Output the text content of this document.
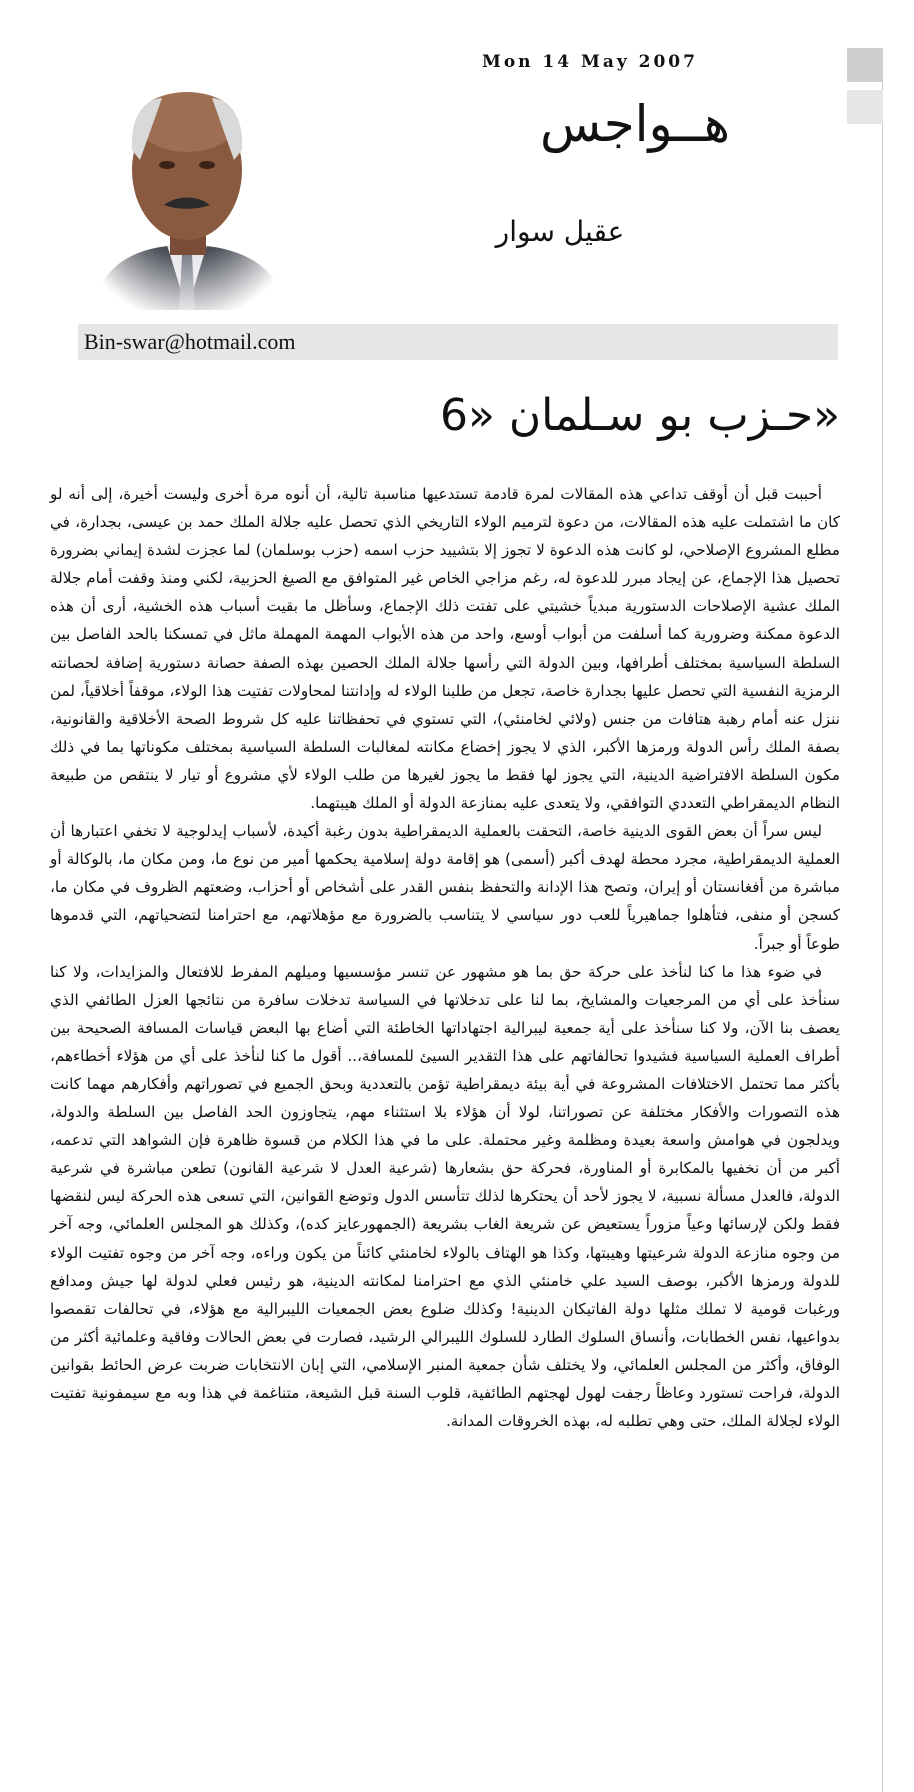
Mon 14 May 2007
هــواجس
عقيل سوار
Bin-swar@hotmail.com
حـزب بو سـلمان «6»

أحببت قبل أن أوقف تداعي هذه المقالات لمرة قادمة تستدعيها مناسبة تالية، أن أنوه مرة أخرى وليست أخيرة، إلى أنه لو كان ما اشتملت عليه هذه المقالات، من دعوة لترميم الولاء التاريخي الذي تحصل عليه جلالة الملك حمد بن عيسى، بجدارة، في مطلع المشروع الإصلاحي، لو كانت هذه الدعوة لا تجوز إلا بتشييد حزب اسمه (حزب بوسلمان) لما عجزت لشدة إيماني بضرورة تحصيل هذا الإجماع، عن إيجاد مبرر للدعوة له، رغم مزاجي الخاص غير المتوافق مع الصيغ الحزبية، لكني ومنذ وقفت أمام جلالة الملك عشية الإصلاحات الدستورية مبدياً خشيتي على تفتت ذلك الإجماع، وسأظل ما بقيت أسباب هذه الخشية، أرى أن هذه الدعوة ممكنة وضرورية كما أسلفت من أبواب أوسع، واحد من هذه الأبواب المهمة المهملة ماثل في تمسكنا بالحد الفاصل بين السلطة السياسية بمختلف أطرافها، وبين الدولة التي رأسها جلالة الملك الحصين بهذه الصفة حصانة دستورية إضافة لحصانته الرمزية النفسية التي تحصل عليها بجدارة خاصة، تجعل من طلبنا الولاء له وإدانتنا لمحاولات تفتيت هذا الولاء، موقفاً أخلاقياً، لمن ننزل عنه أمام رهبة هتافات من جنس (ولائي لخامنئي)، التي تستوي في تحفظاتنا عليه كل شروط الصحة الأخلاقية والقانونية، بصفة الملك رأس الدولة ورمزها الأكبر، الذي لا يجوز إخضاع مكانته لمغالبات السلطة السياسية بمختلف مكوناتها بما في ذلك مكون السلطة الافتراضية الدينية، التي يجوز لها فقط ما يجوز لغيرها من طلب الولاء لأي مشروع أو تيار لا ينتقص من طبيعة النظام الديمقراطي التعددي التوافقي، ولا يتعدى عليه بمنازعة الدولة أو الملك هيبتهما.

ليس سراً أن بعض القوى الدينية خاصة، التحقت بالعملية الديمقراطية بدون رغبة أكيدة، لأسباب إيدلوجية لا تخفي اعتبارها أن العملية الديمقراطية، مجرد محطة لهدف أكبر (أسمى) هو إقامة دولة إسلامية يحكمها أمير من نوع ما، ومن مكان ما، بالوكالة أو مباشرة من أفغانستان أو إيران، وتصح هذا الإدانة والتحفظ بنفس القدر على أشخاص أو أحزاب، وضعتهم الظروف في مكان ما، كسجن أو منفى، فتأهلوا جماهيرياً للعب دور سياسي لا يتناسب بالضرورة مع مؤهلاتهم، مع احترامنا لتضحياتهم، التي قدموها طوعاً أو جبراً.

في ضوء هذا ما كنا لنأخذ على حركة حق بما هو مشهور عن تنسر مؤسسيها وميلهم المفرط للافتعال والمزايدات، ولا كنا سنأخذ على أي من المرجعيات والمشايخ، بما لنا على تدخلاتها في السياسة تدخلات سافرة من نتائجها العزل الطائفي الذي يعصف بنا الآن، ولا كنا سنأخذ على أية جمعية ليبرالية اجتهاداتها الخاطئة التي أضاع بها البعض قياسات المسافة الصحيحة بين أطراف العملية السياسية فشيدوا تحالفاتهم على هذا التقدير السيئ للمسافة،.. أقول ما كنا لنأخذ على أي من هؤلاء أخطاءهم، بأكثر مما تحتمل الاختلافات المشروعة في أية بيئة ديمقراطية تؤمن بالتعددية وبحق الجميع في تصوراتهم وأفكارهم مهما كانت هذه التصورات والأفكار مختلفة عن تصوراتنا، لولا أن هؤلاء بلا استثناء مهم، يتجاوزون الحد الفاصل بين السلطة والدولة، ويدلجون في هوامش واسعة بعيدة ومظلمة وغير محتملة. على ما في هذا الكلام من قسوة ظاهرة فإن الشواهد التي تدعمه، أكبر من أن نخفيها بالمكابرة أو المناورة، فحركة حق بشعارها (شرعية العدل لا شرعية القانون) تطعن مباشرة في شرعية الدولة، فالعدل مسألة نسبية، لا يجوز لأحد أن يحتكرها لذلك تتأسس الدول وتوضع القوانين، التي تسعى هذه الحركة ليس لنقضها فقط ولكن لإرسائها وعياً مزوراً يستعيض عن شريعة الغاب بشريعة (الجمهورعايز كده)، وكذلك هو المجلس العلمائي، وجه آخر من وجوه منازعة الدولة شرعيتها وهيبتها، وكذا هو الهتاف بالولاء لخامنئي كائناً من يكون وراءه، وجه آخر من وجوه تفتيت الولاء للدولة ورمزها الأكبر، بوصف السيد علي خامنئي الذي مع احترامنا لمكانته الدينية، هو رئيس فعلي لدولة لها جيش ومدافع ورغبات قومية لا تملك مثلها دولة الفاتيكان الدينية! وكذلك ضلوع بعض الجمعيات الليبرالية مع هؤلاء، في تحالفات تقمصوا بدواعيها، نفس الخطابات، وأنساق السلوك الطارد للسلوك الليبرالي الرشيد، فصارت في بعض الحالات وفاقية وعلمائية أكثر من الوفاق، وأكثر من المجلس العلمائي، ولا يختلف شأن جمعية المنبر الإسلامي، التي إبان الانتخابات ضربت عرض الحائط بقوانين الدولة، فراحت تستورد وعاظاً رجفت لهول لهجتهم الطائفية، قلوب السنة قبل الشيعة، متناغمة في هذا وبه مع سيمفونية تفتيت الولاء لجلالة الملك، حتى وهي تطلبه له، بهذه الخروقات المدانة.
